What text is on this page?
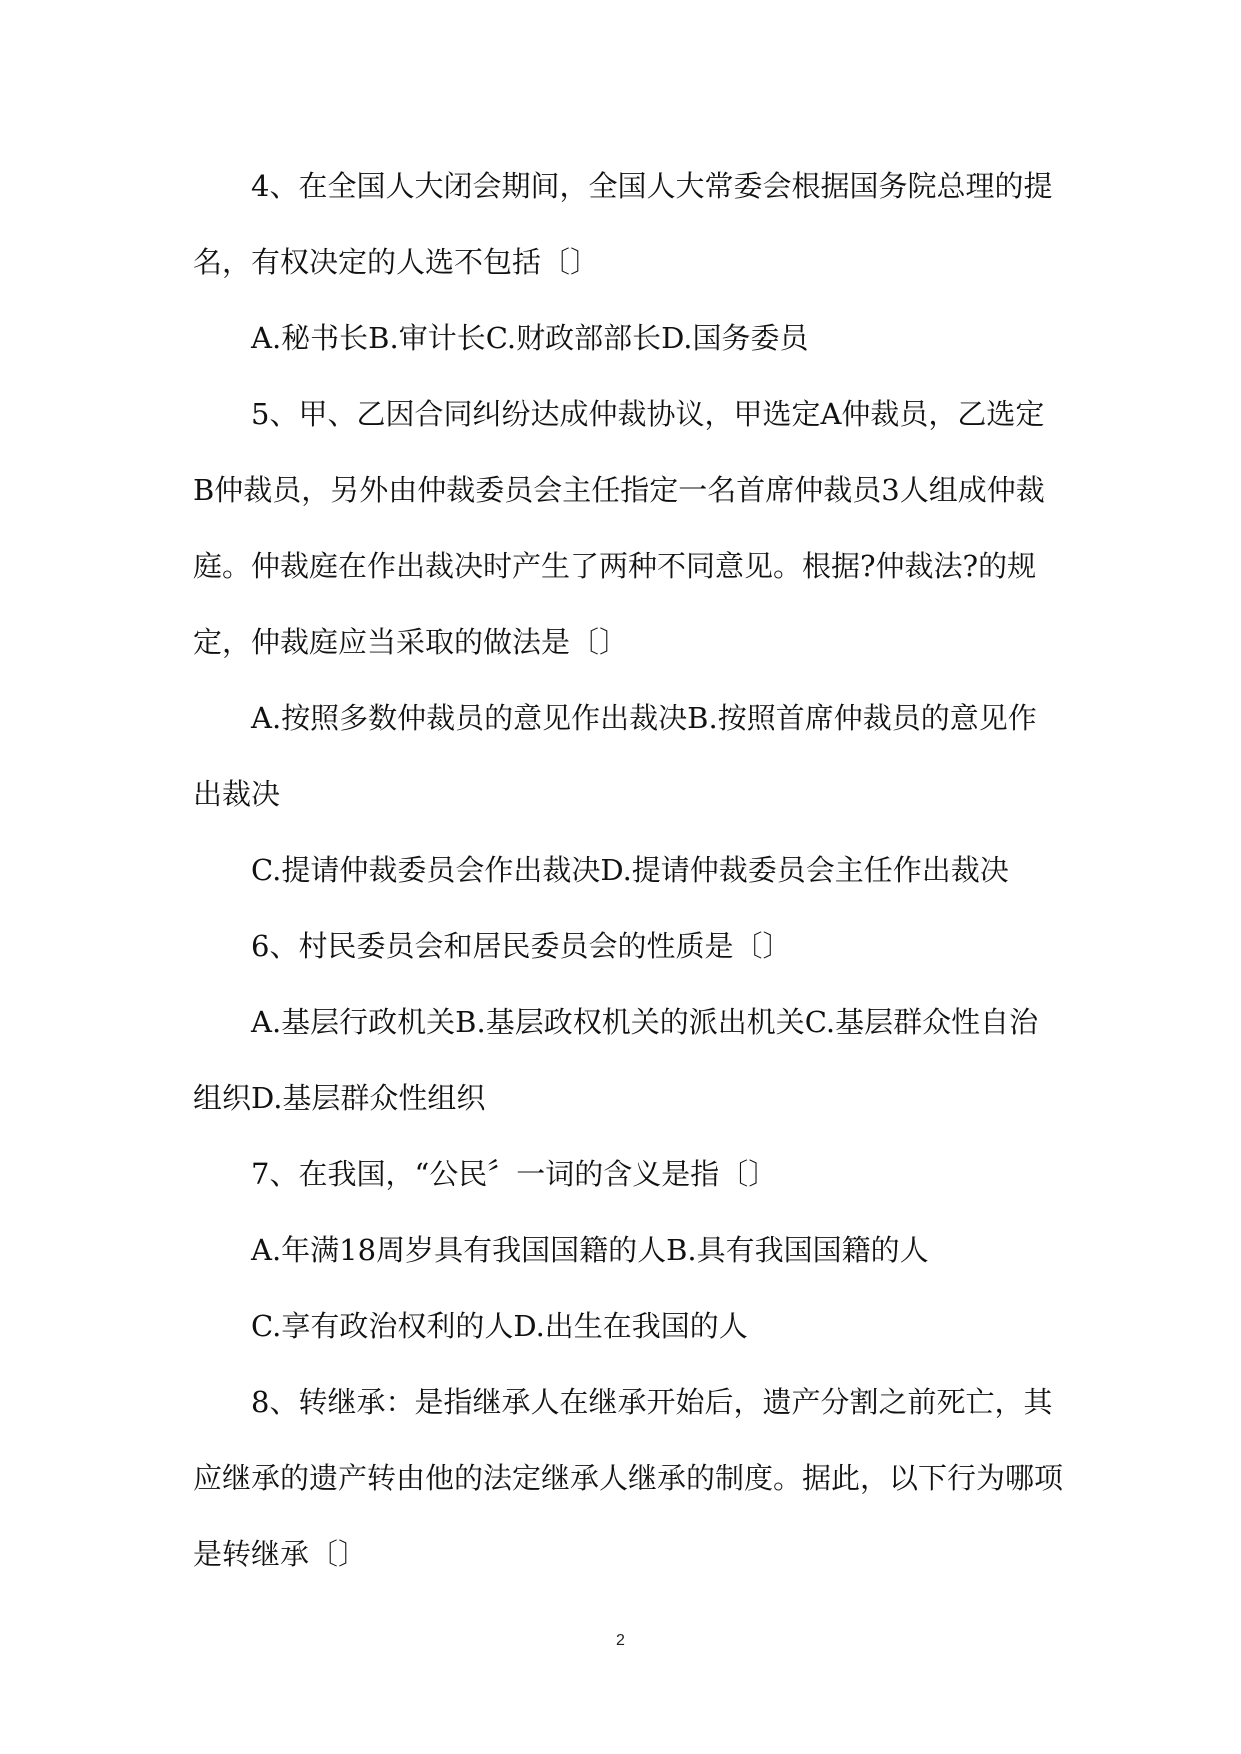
4、在全国人大闭会期间，全国人大常委会根据国务院总理的提名，有权决定的人选不包括〔〕

A.秘书长B.审计长C.财政部部长D.国务委员

5、甲、乙因合同纠纷达成仲裁协议，甲选定A仲裁员，乙选定B仲裁员，另外由仲裁委员会主任指定一名首席仲裁员3人组成仲裁庭。仲裁庭在作出裁决时产生了两种不同意见。根据?仲裁法?的规定，仲裁庭应当采取的做法是〔〕

A.按照多数仲裁员的意见作出裁决B.按照首席仲裁员的意见作出裁决

C.提请仲裁委员会作出裁决D.提请仲裁委员会主任作出裁决

6、村民委员会和居民委员会的性质是〔〕

A.基层行政机关B.基层政权机关的派出机关C.基层群众性自治组织D.基层群众性组织

7、在我国，“公民〞一词的含义是指〔〕

A.年满18周岁具有我国国籍的人B.具有我国国籍的人

C.享有政治权利的人D.出生在我国的人

8、转继承：是指继承人在继承开始后，遗产分割之前死亡，其应继承的遗产转由他的法定继承人继承的制度。据此，以下行为哪项是转继承〔〕

2
